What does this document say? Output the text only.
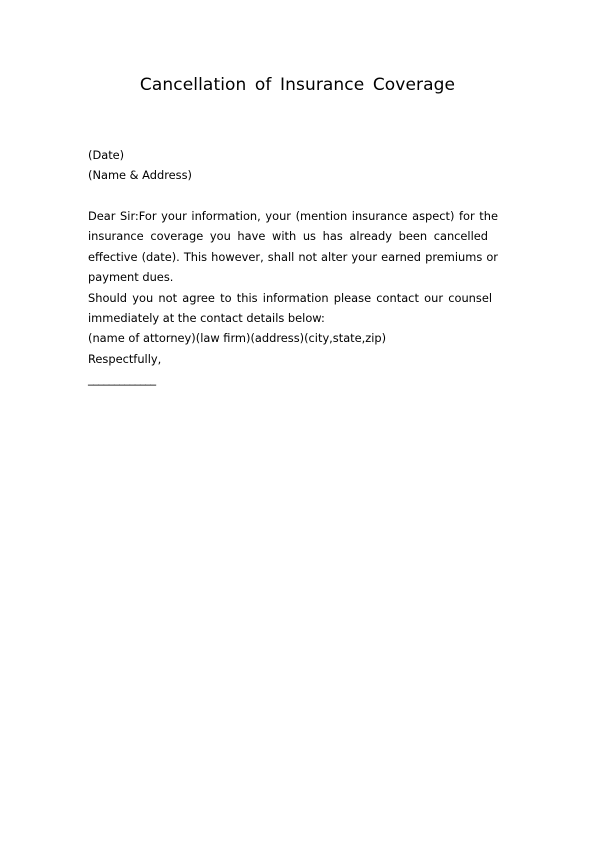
Cancellation of Insurance Coverage
(Date)
(Name & Address)
Dear Sir:For your information, your (mention insurance aspect) for the
insurance coverage you have with us has already been cancelled
effective (date). This however, shall not alter your earned premiums or
payment dues.
Should you not agree to this information please contact our counsel
immediately at the contact details below:
(name of attorney)(law firm)(address)(city,state,zip)
Respectfully,
_____________
